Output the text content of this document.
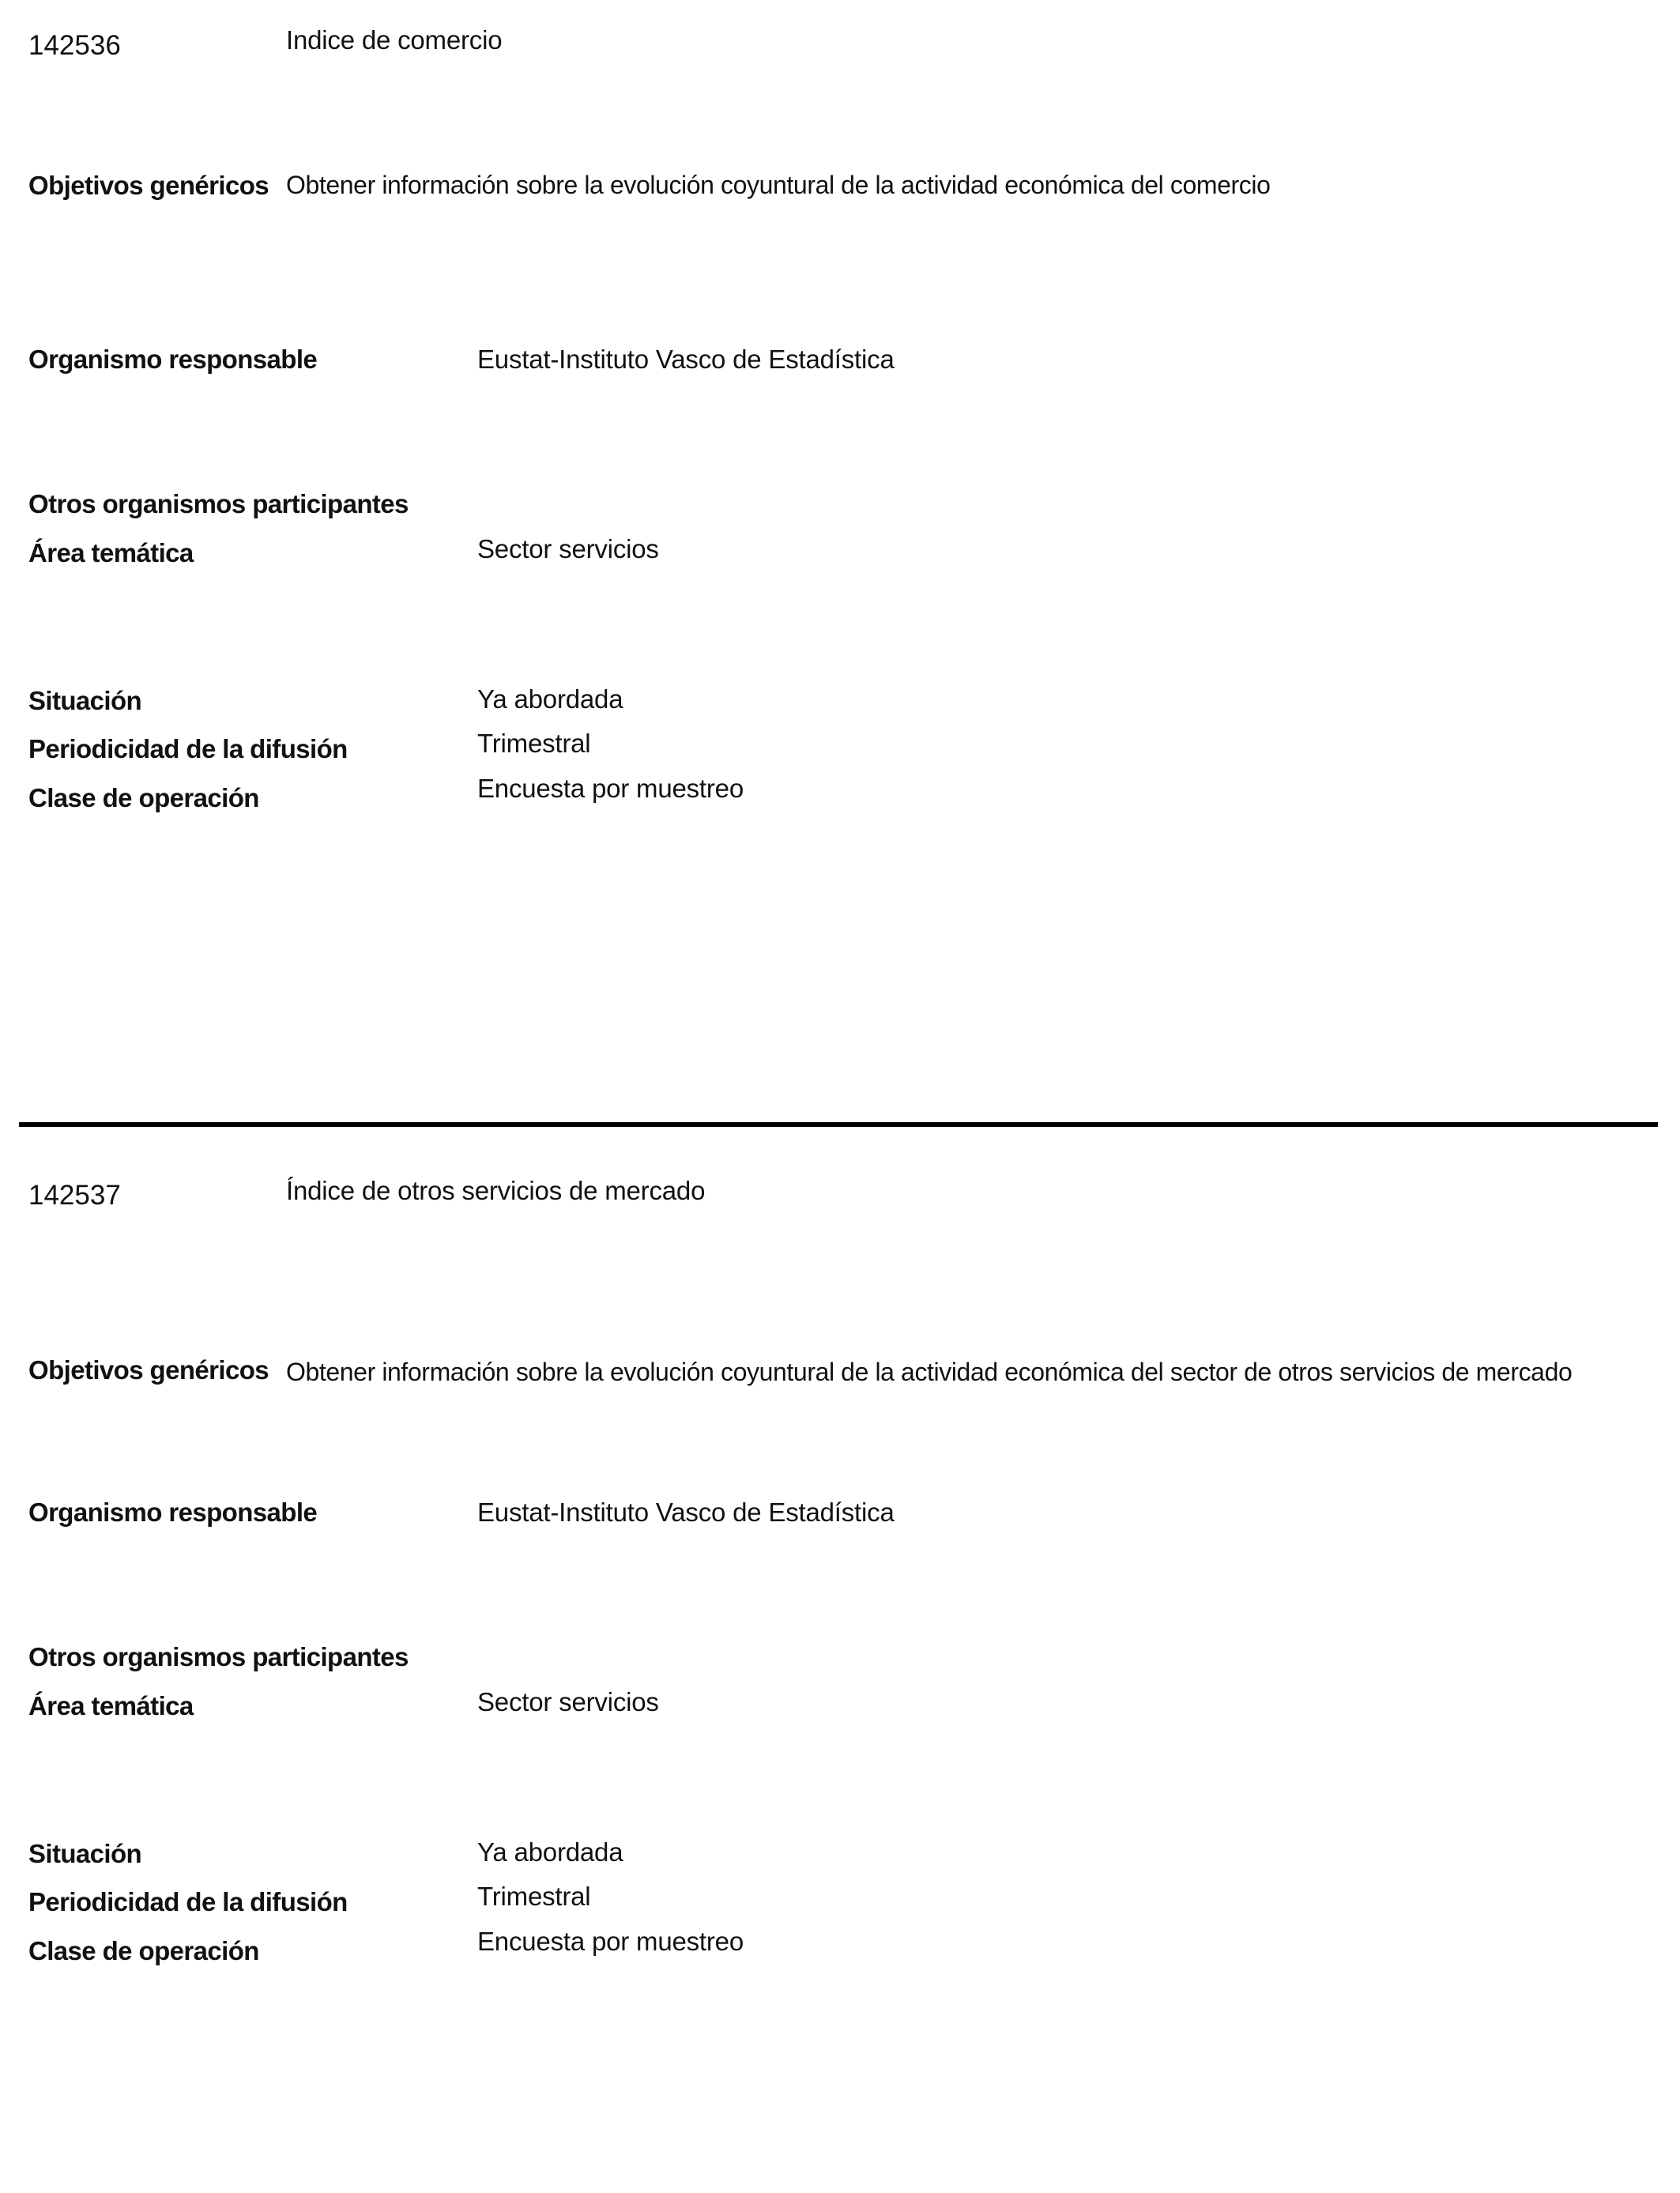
142536	Indice de comercio
Objetivos genéricos Obtener información sobre la evolución coyuntural de la actividad económica del comercio
Organismo responsable	Eustat-Instituto Vasco de Estadística
Otros organismos participantes
Área temática	Sector servicios
Situación	Ya abordada
Periodicidad de la difusión	Trimestral
Clase de operación	Encuesta por muestreo
142537	Índice de otros servicios de mercado
Objetivos genéricos Obtener información sobre la evolución coyuntural de la actividad económica del sector de otros servicios de mercado
Organismo responsable	Eustat-Instituto Vasco de Estadística
Otros organismos participantes
Área temática	Sector servicios
Situación	Ya abordada
Periodicidad de la difusión	Trimestral
Clase de operación	Encuesta por muestreo
